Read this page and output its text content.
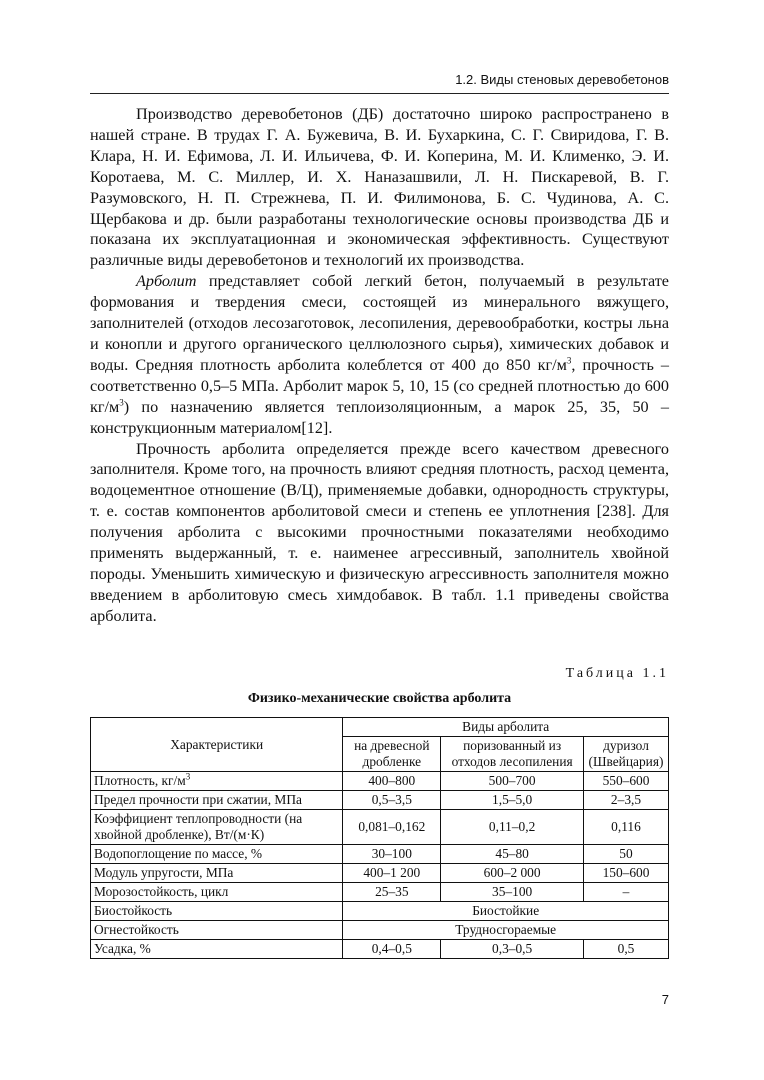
1.2. Виды стеновых деревобетонов

Производство деревобетонов (ДБ) достаточно широко распространено в нашей стране. В трудах Г. А. Бужевича, В. И. Бухаркина, С. Г. Свиридова, Г. В. Клара, Н. И. Ефимова, Л. И. Ильичева, Ф. И. Коперина, М. И. Клименко, Э. И. Коротаева, М. С. Миллер, И. Х. Наназашвили, Л. Н. Пискаревой, В. Г. Разумовского, Н. П. Стрежнева, П. И. Филимонова, Б. С. Чудинова, А. С. Щербакова и др. были разработаны технологические основы производства ДБ и показана их эксплуатационная и экономическая эффективность. Существуют различные виды деревобетонов и технологий их производства.

Арболит представляет собой легкий бетон, получаемый в результате формования и твердения смеси, состоящей из минерального вяжущего, заполнителей (отходов лесозаготовок, лесопиления, деревообработки, костры льна и конопли и другого органического целлюлозного сырья), химических добавок и воды. Средняя плотность арболита колеблется от 400 до 850 $кг/м^3$, прочность – соответственно 0,5–5 МПа. Арболит марок 5, 10, 15 (со средней плотностью до 600 $кг/м^3$) по назначению является теплоизоляционным, а марок 25, 35, 50 – конструкционным материалом[12].

Прочность арболита определяется прежде всего качеством древесного заполнителя. Кроме того, на прочность влияют средняя плотность, расход цемента, водоцементное отношение (В/Ц), применяемые добавки, однородность структуры, т. е. состав компонентов арболитовой смеси и степень ее уплотнения [238]. Для получения арболита с высокими прочностными показателями необходимо применять выдержанный, т. е. наименее агрессивный, заполнитель хвойной породы. Уменьшить химическую и физическую агрессивность заполнителя можно введением в арболитовую смесь химдобавок. В табл. 1.1 приведены свойства арболита.

Таблица 1.1
Физико-механические свойства арболита
Характеристики	Виды арболита		
	на древесной дробленке	поризованный из отходов лесопиления	дуризол (Швейцария)
Плотность, $кг/м^3$	400–800	500–700	550–600
Предел прочности при сжатии, МПа	0,5–3,5	1,5–5,0	2–3,5
Коэффициент теплопроводности (на хвойной дробленке), Вт/(м·К)	0,081–0,162	0,11–0,2	0,116
Водопоглощение по массе, %	30–100	45–80	50
Модуль упругости, МПа	400–1 200	600–2 000	150–600
Морозостойкость, цикл	25–35	35–100	–
Биостойкость	Биостойкие		
Огнестойкость	Трудносгораемые		
Усадка, %	0,4–0,5	0,3–0,5	0,5
7
